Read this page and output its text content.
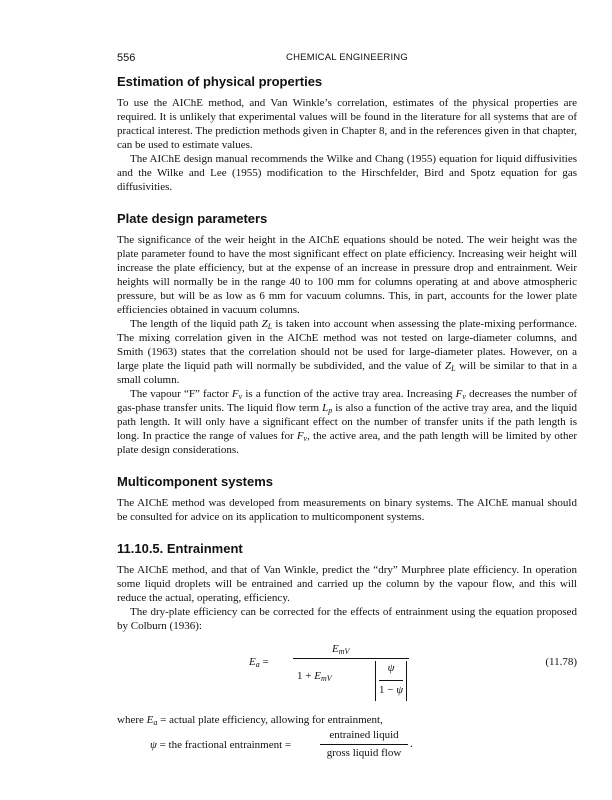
556	CHEMICAL ENGINEERING
Estimation of physical properties

To use the AIChE method, and Van Winkle’s correlation, estimates of the physical properties are required. It is unlikely that experimental values will be found in the literature for all systems that are of practical interest. The prediction methods given in Chapter 8, and in the references given in that chapter, can be used to estimate values.

The AIChE design manual recommends the Wilke and Chang (1955) equation for liquid diffusivities and the Wilke and Lee (1955) modification to the Hirschfelder, Bird and Spotz equation for gas diffusivities.

Plate design parameters

The significance of the weir height in the AIChE equations should be noted. The weir height was the plate parameter found to have the most significant effect on plate efficiency. Increasing weir height will increase the plate efficiency, but at the expense of an increase in pressure drop and entrainment. Weir heights will normally be in the range 40 to 100 mm for columns operating at and above atmospheric pressure, but will be as low as 6 mm for vacuum columns. This, in part, accounts for the lower plate efficiencies obtained in vacuum columns.

The length of the liquid path $Z_L$ is taken into account when assessing the plate-mixing performance. The mixing correlation given in the AIChE method was not tested on large-diameter columns, and Smith (1963) states that the correlation should not be used for large-diameter plates. However, on a large plate the liquid path will normally be subdivided, and the value of $Z_L$ will be similar to that in a small column.

The vapour “F” factor $F_v$ is a function of the active tray area. Increasing $F_v$ decreases the number of gas-phase transfer units. The liquid flow term $L_p$ is also a function of the active tray area, and the liquid path length. It will only have a significant effect on the number of transfer units if the path length is long. In practice the range of values for $F_v$, the active area, and the path length will be limited by other plate design considerations.

Multicomponent systems

The AIChE method was developed from measurements on binary systems. The AIChE manual should be consulted for advice on its application to multicomponent systems.

11.10.5. Entrainment

The AIChE method, and that of Van Winkle, predict the “dry” Murphree plate efficiency. In operation some liquid droplets will be entrained and carried up the column by the vapour flow, and this will reduce the actual, operating, efficiency.

The dry-plate efficiency can be corrected for the effects of entrainment using the equation proposed by Colburn (1936):

$E_a$ =
$E_{mV}$
$1 + E_{mV}$
ψ
1 − ψ
(11.78)

where $E_a$ = actual plate efficiency, allowing for entrainment,

ψ = the fractional entrainment =
entrained liquid
gross liquid flow
.
